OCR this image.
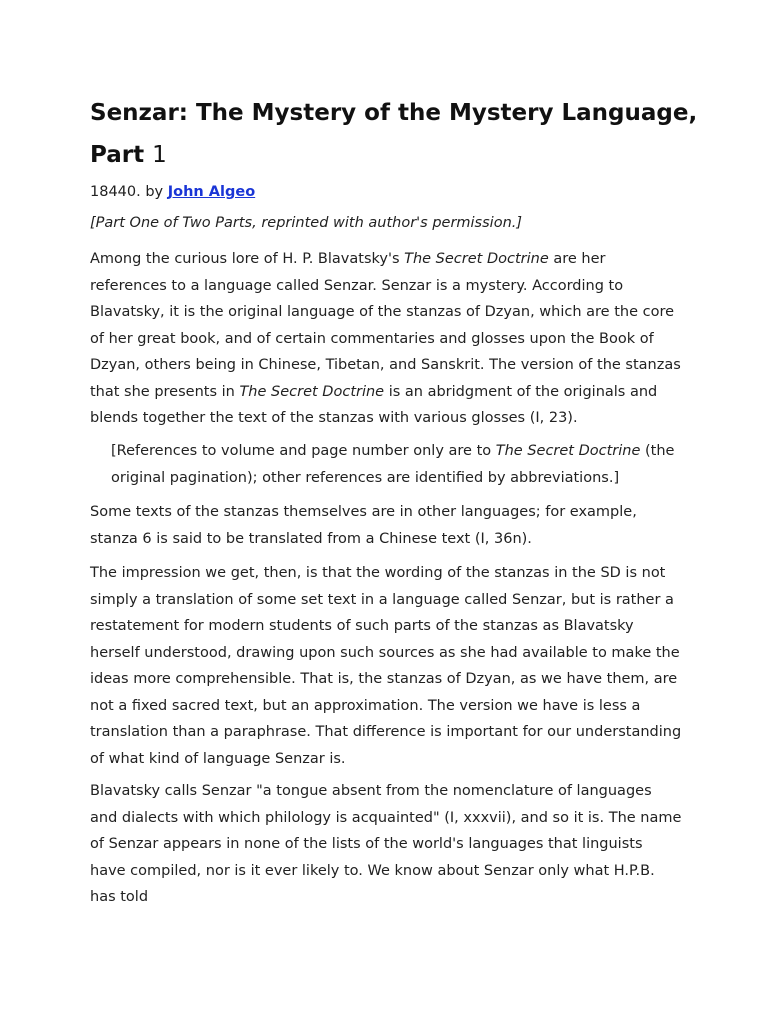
Senzar: The Mystery of the Mystery Language, Part 1

18440. by John Algeo

[Part One of Two Parts, reprinted with author's permission.]

Among the curious lore of H. P. Blavatsky's The Secret Doctrine are her references to a language called Senzar. Senzar is a mystery. According to Blavatsky, it is the original language of the stanzas of Dzyan, which are the core of her great book, and of certain commentaries and glosses upon the Book of Dzyan, others being in Chinese, Tibetan, and Sanskrit. The version of the stanzas that she presents in The Secret Doctrine is an abridgment of the originals and blends together the text of the stanzas with various glosses (I, 23).

[References to volume and page number only are to The Secret Doctrine (the original pagination); other references are identified by abbreviations.]

Some texts of the stanzas themselves are in other languages; for example, stanza 6 is said to be translated from a Chinese text (I, 36n).

The impression we get, then, is that the wording of the stanzas in the SD is not simply a translation of some set text in a language called Senzar, but is rather a restatement for modern students of such parts of the stanzas as Blavatsky herself understood, drawing upon such sources as she had available to make the ideas more comprehensible. That is, the stanzas of Dzyan, as we have them, are not a fixed sacred text, but an approximation. The version we have is less a translation than a paraphrase. That difference is important for our understanding of what kind of language Senzar is.

Blavatsky calls Senzar "a tongue absent from the nomenclature of languages and dialects with which philology is acquainted" (I, xxxvii), and so it is. The name of Senzar appears in none of the lists of the world's languages that linguists have compiled, nor is it ever likely to. We know about Senzar only what H.P.B. has told
